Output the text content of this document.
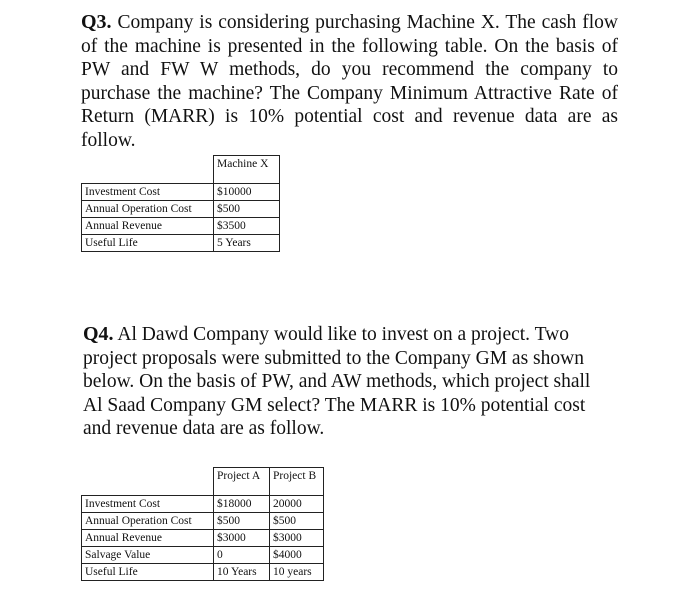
Q3. Company is considering purchasing Machine X. The cash flow of the machine is presented in the following table. On the basis of PW and FW W methods, do you recommend the company to purchase the machine? The Company Minimum Attractive Rate of Return (MARR) is 10% potential cost and revenue data are as follow.

	Machine X
Investment Cost	$10000
Annual Operation Cost	$500
Annual Revenue	$3500
Useful Life	5 Years

Q4. Al Dawd Company would like to invest on a project. Two project proposals were submitted to the Company GM as shown below. On the basis of PW, and AW methods, which project shall Al Saad Company GM select? The MARR is 10% potential cost and revenue data are as follow.

	Project A	Project B
Investment Cost	$18000	20000
Annual Operation Cost	$500	$500
Annual Revenue	$3000	$3000
Salvage Value	0	$4000
Useful Life	10 Years	10 years
